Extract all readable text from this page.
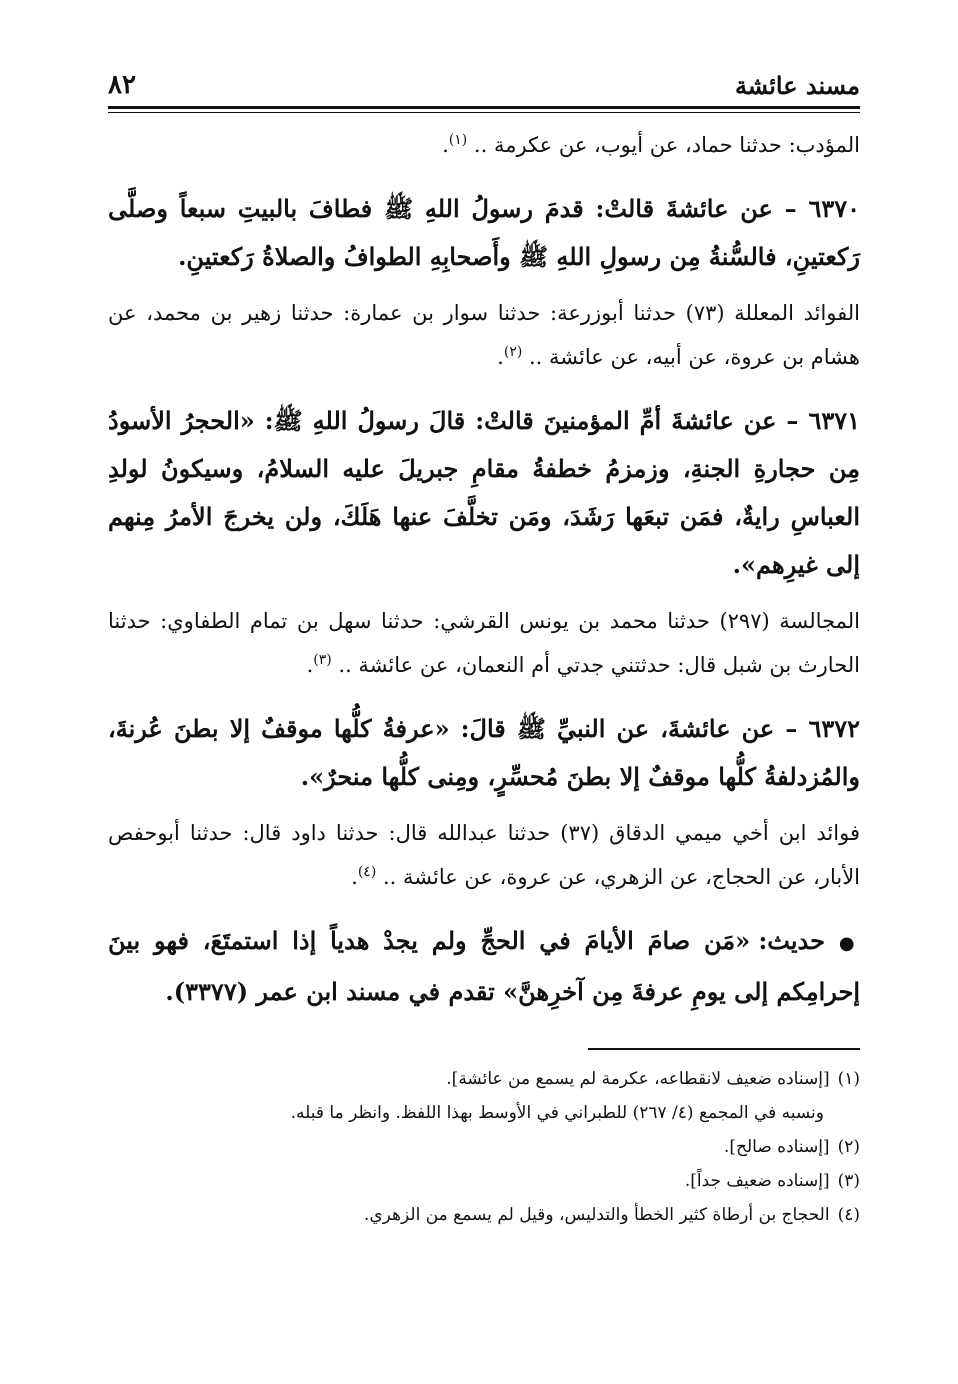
مسند عائشة
٨٢

المؤدب: حدثنا حماد، عن أيوب، عن عكرمة .. $^{(١)}$.

٦٣٧٠ – عن عائشةَ قالتْ: قدمَ رسولُ اللهِ ﷺ فطافَ بالبيتِ سبعاً وصلَّى رَكعتينِ، فالسُّنةُ مِن رسولِ اللهِ ﷺ وأَصحابِهِ الطوافُ والصلاةُ رَكعتينِ.

الفوائد المعللة (٧٣) حدثنا أبوزرعة: حدثنا سوار بن عمارة: حدثنا زهير بن محمد، عن هشام بن عروة، عن أبيه، عن عائشة .. $^{(٢)}$.

٦٣٧١ – عن عائشةَ أمِّ المؤمنينَ قالتْ: قالَ رسولُ اللهِ ﷺ: «الحجرُ الأسودُ مِن حجارةِ الجنةِ، وزمزمُ خطفةُ مقامِ جبريلَ عليه السلامُ، وسيكونُ لولدِ العباسِ رايةٌ، فمَن تبعَها رَشَدَ، ومَن تخلَّفَ عنها هَلَكَ، ولن يخرجَ الأمرُ مِنهم إلى غيرِهم».

المجالسة (٢٩٧) حدثنا محمد بن يونس القرشي: حدثنا سهل بن تمام الطفاوي: حدثنا الحارث بن شبل قال: حدثتني جدتي أم النعمان، عن عائشة .. $^{(٣)}$.

٦٣٧٢ – عن عائشةَ، عن النبيِّ ﷺ قالَ: «عرفةُ كلُّها موقفٌ إلا بطنَ عُرنةَ، والمُزدلفةُ كلُّها موقفٌ إلا بطنَ مُحسِّرٍ، ومِنى كلُّها منحرٌ».

فوائد ابن أخي ميمي الدقاق (٣٧) حدثنا عبدالله قال: حدثنا داود قال: حدثنا أبوحفص الأبار، عن الحجاج، عن الزهري، عن عروة، عن عائشة .. $^{(٤)}$.

● حديث: «مَن صامَ الأيامَ في الحجِّ ولم يجدْ هدياً إذا استمتَعَ، فهو بينَ إحرامِكم إلى يومِ عرفةَ مِن آخرِهنَّ» تقدم في مسند ابن عمر (٣٣٧٧).

(١)[إسناده ضعيف لانقطاعه، عكرمة لم يسمع من عائشة].
ونسبه في المجمع (٤/ ٢٦٧) للطبراني في الأوسط بهذا اللفظ. وانظر ما قبله.
(٢)[إسناده صالح].
(٣)[إسناده ضعيف جداً].
(٤)الحجاج بن أرطاة كثير الخطأ والتدليس، وقيل لم يسمع من الزهري.
